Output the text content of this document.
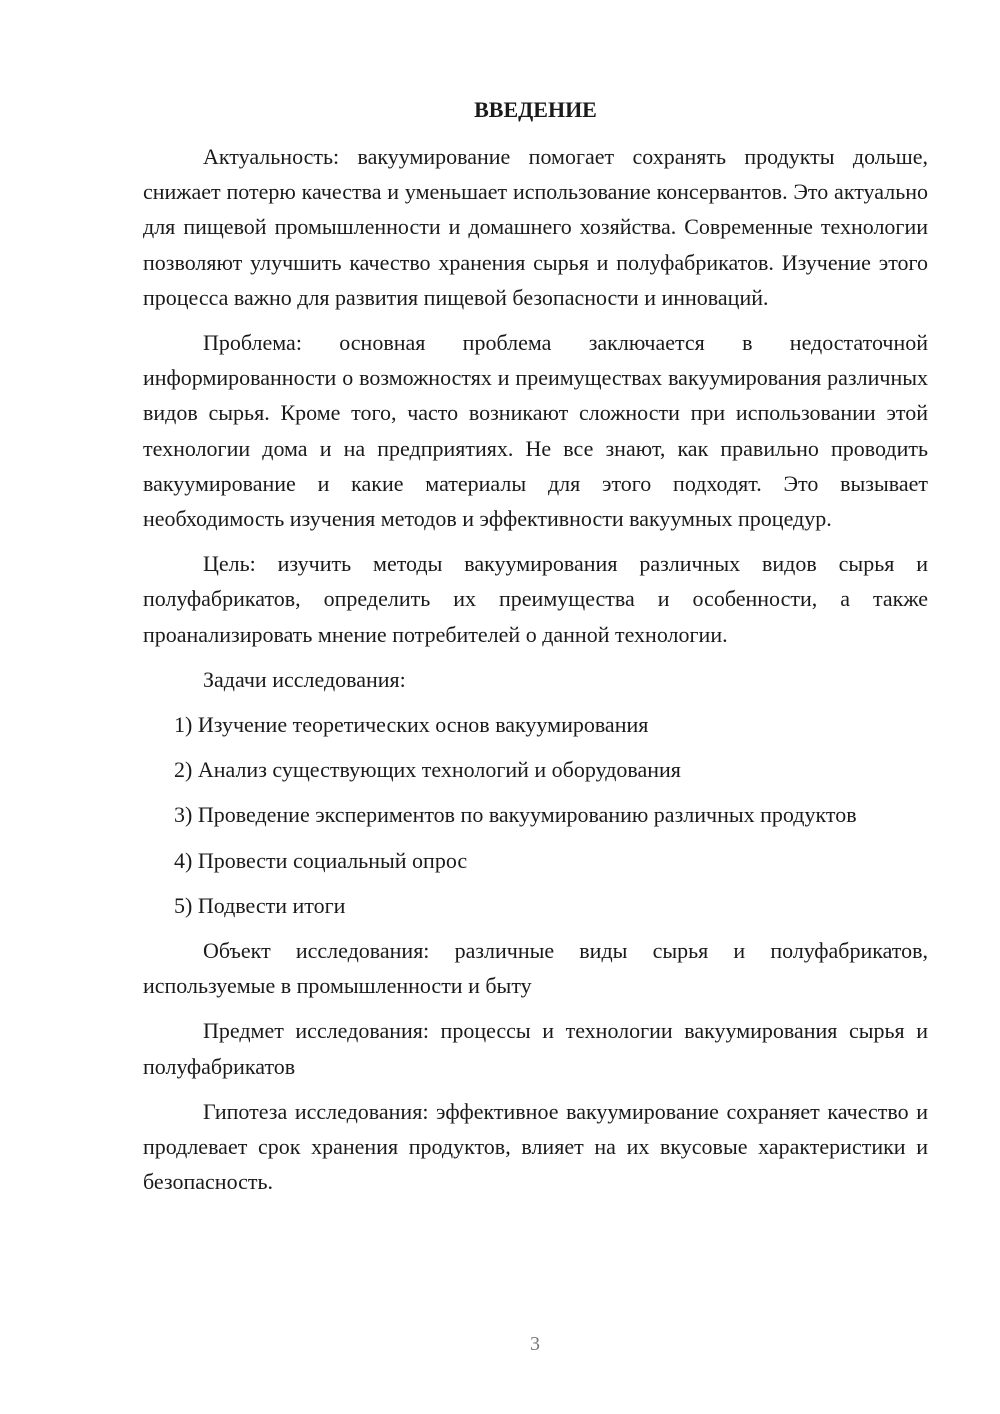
ВВЕДЕНИЕ

Актуальность: вакуумирование помогает сохранять продукты дольше, снижает потерю качества и уменьшает использование консервантов. Это актуально для пищевой промышленности и домашнего хозяйства. Современные технологии позволяют улучшить качество хранения сырья и полуфабрикатов. Изучение этого процесса важно для развития пищевой безопасности и инноваций.

Проблема: основная проблема заключается в недостаточной информированности о возможностях и преимуществах вакуумирования различных видов сырья. Кроме того, часто возникают сложности при использовании этой технологии дома и на предприятиях. Не все знают, как правильно проводить вакуумирование и какие материалы для этого подходят. Это вызывает необходимость изучения методов и эффективности вакуумных процедур.

Цель: изучить методы вакуумирования различных видов сырья и полуфабрикатов, определить их преимущества и особенности, а также проанализировать мнение потребителей о данной технологии.

Задачи исследования:

1) Изучение теоретических основ вакуумирования
2) Анализ существующих технологий и оборудования
3) Проведение экспериментов по вакуумированию различных продуктов
4) Провести социальный опрос
5) Подвести итоги

Объект исследования: различные виды сырья и полуфабрикатов, используемые в промышленности и быту

Предмет исследования: процессы и технологии вакуумирования сырья и полуфабрикатов

Гипотеза исследования: эффективное вакуумирование сохраняет качество и продлевает срок хранения продуктов, влияет на их вкусовые характеристики и безопасность.

3
